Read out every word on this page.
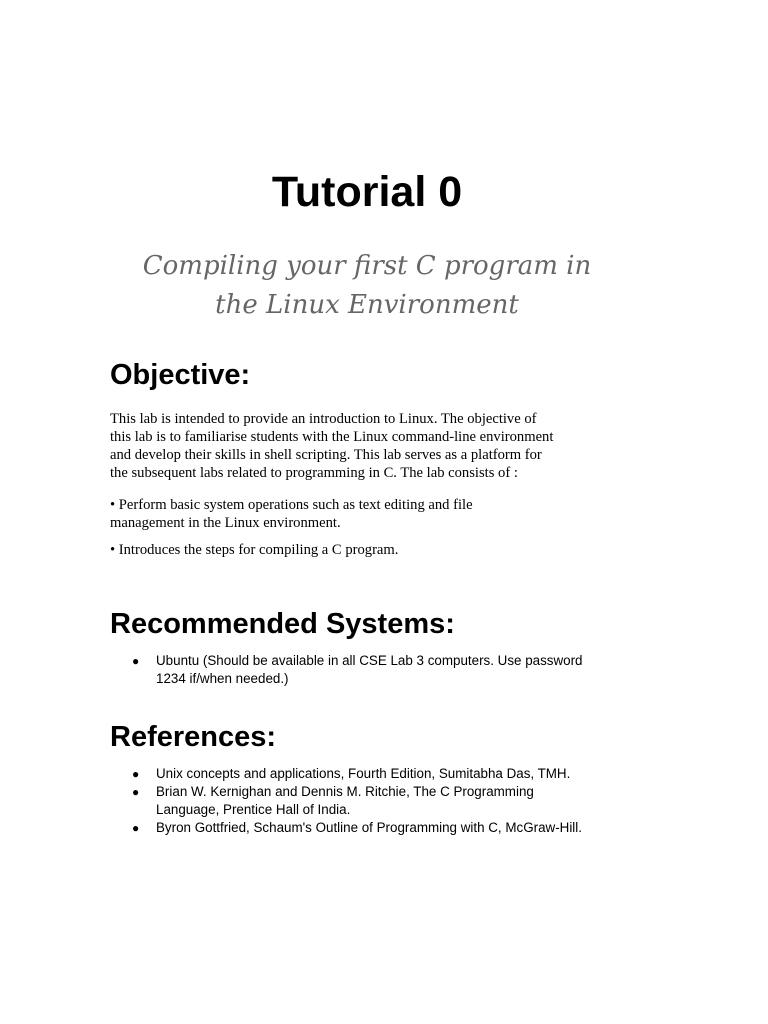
Tutorial 0
Compiling your first C program in
the Linux Environment
Objective:

This lab is intended to provide an introduction to Linux. The objective of
this lab is to familiarise students with the Linux command-line environment
and develop their skills in shell scripting. This lab serves as a platform for
the subsequent labs related to programming in C. The lab consists of :

• Perform basic system operations such as text editing and file
management in the Linux environment.

• Introduces the steps for compiling a C program.

Recommended Systems:
● Ubuntu (Should be available in all CSE Lab 3 computers. Use password
1234 if/when needed.)
References:
● Unix concepts and applications, Fourth Edition, Sumitabha Das, TMH.
● Brian W. Kernighan and Dennis M. Ritchie, The C Programming
Language, Prentice Hall of India.
● Byron Gottfried, Schaum's Outline of Programming with C, McGraw-Hill.
